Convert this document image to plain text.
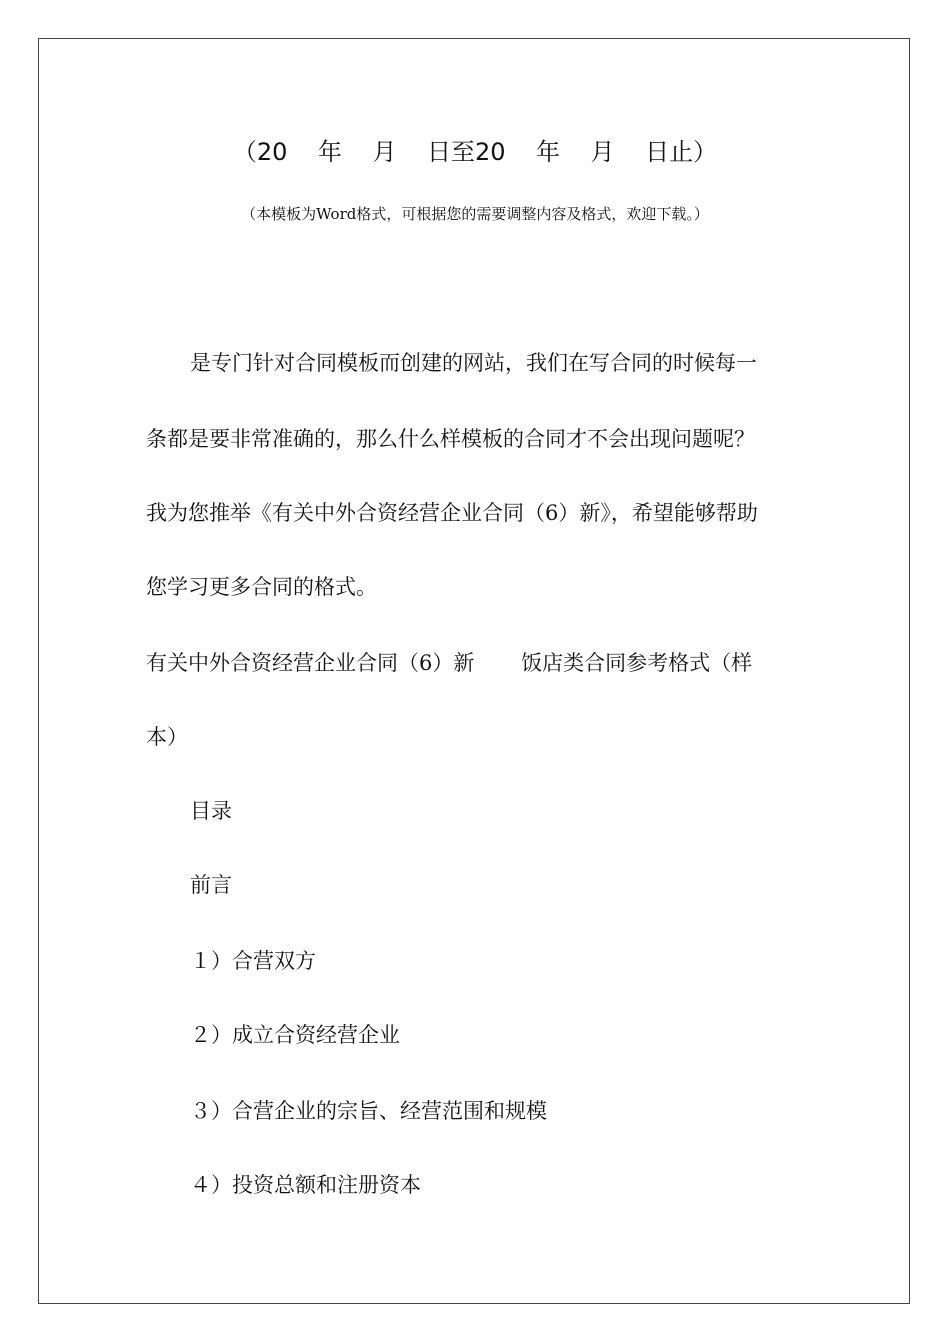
（20    年    月    日至20    年    月    日止）
（本模板为Word格式，可根据您的需要调整内容及格式，欢迎下载。）
是专门针对合同模板而创建的网站，我们在写合同的时候每一
条都是要非常准确的，那么什么样模板的合同才不会出现问题呢？
我为您推举《有关中外合资经营企业合同（6）新》，希望能够帮助
您学习更多合同的格式。
有关中外合资经营企业合同（6）新       饭店类合同参考格式（样
本）
目录
前言
１）合营双方
２）成立合资经营企业
３）合营企业的宗旨、经营范围和规模
４）投资总额和注册资本
